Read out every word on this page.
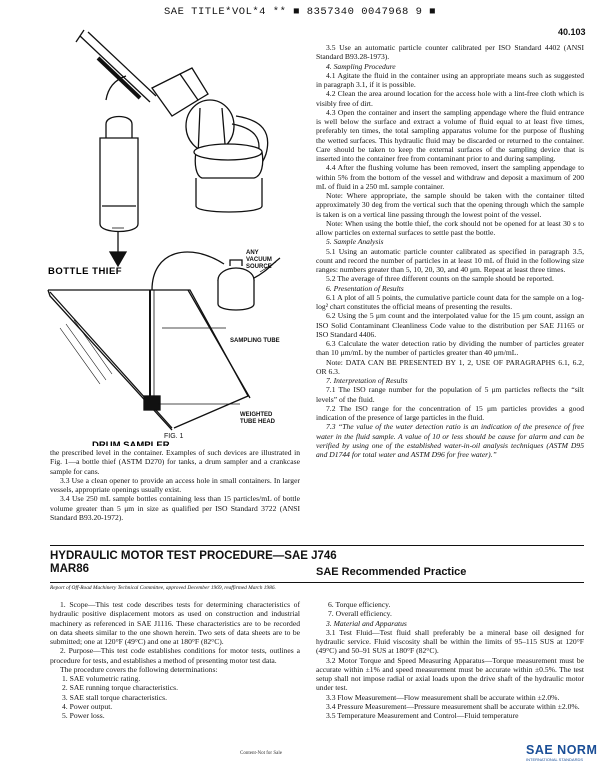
SAE TITLE*VOL*4 ** ■ 8357340 0047968 9 ■
40.103
BOTTLE THIEF
DRUM SAMPLER
ANY
VACUUM
SOURCE
SAMPLING TUBE
WEIGHTED
TUBE HEAD
FIG. 1

the prescribed level in the container. Examples of such devices are illustrated in Fig. 1—a bottle thief (ASTM D270) for tanks, a drum sampler and a crankcase sample for cans.

3.3 Use a clean opener to provide an access hole in small containers. In larger vessels, appropriate openings usually exist.

3.4 Use 250 mL sample bottles containing less than 15 particles/mL of bottle volume greater than 5 μm in size as qualified per ISO Standard 3722 (ANSI Standard B93.20-1972).

3.5 Use an automatic particle counter calibrated per ISO Standard 4402 (ANSI Standard B93.28-1973).

4. Sampling Procedure

4.1 Agitate the fluid in the container using an appropriate means such as suggested in paragraph 3.1, if it is possible.

4.2 Clean the area around location for the access hole with a lint-free cloth which is visibly free of dirt.

4.3 Open the container and insert the sampling appendage where the fluid entrance is well below the surface and extract a volume of fluid equal to at least five times, preferably ten times, the total sampling apparatus volume for the purpose of flushing the wetted surfaces. This hydraulic fluid may be discarded or returned to the container. Care should be taken to keep the external surfaces of the sampling device that is inserted into the container free from contaminant prior to and during sampling.

4.4 After the flushing volume has been removed, insert the sampling appendage to within 5% from the bottom of the vessel and withdraw and deposit a maximum of 200 mL of fluid in a 250 mL sample container.

Note: Where appropriate, the sample should be taken with the container tilted approximately 30 deg from the vertical such that the opening through which the sample is taken is on a vertical line passing through the lowest point of the vessel.

Note: When using the bottle thief, the cork should not be opened for at least 30 s to allow particles on external surfaces to settle past the bottle.

5. Sample Analysis

5.1 Using an automatic particle counter calibrated as specified in paragraph 3.5, count and record the number of particles in at least 10 mL of fluid in the following size ranges: numbers greater than 5, 10, 20, 30, and 40 μm. Repeat at least three times.

5.2 The average of three different counts on the sample should be reported.

6. Presentation of Results

6.1 A plot of all 5 points, the cumulative particle count data for the sample on a log-log² chart constitutes the official means of presenting the results.

6.2 Using the 5 μm count and the interpolated value for the 15 μm count, assign an ISO Solid Contaminant Cleanliness Code value to the distribution per SAE J1165 or ISO Standard 4406.

6.3 Calculate the water detection ratio by dividing the number of particles greater than 10 μm/mL by the number of particles greater than 40 μm/mL.

Note: DATA CAN BE PRESENTED BY 1, 2, USE OF PARAGRAPHS 6.1, 6.2, OR 6.3.

7. Interpretation of Results

7.1 The ISO range number for the population of 5 μm particles reflects the “silt levels” of the fluid.

7.2 The ISO range for the concentration of 15 μm particles provides a good indication of the presence of large particles in the fluid.

7.3 “The value of the water detection ratio is an indication of the presence of free water in the fluid sample. A value of 10 or less should be cause for alarm and can be verified by using one of the established water-in-oil analysis techniques (ASTM D95 and D1744 for total water and ASTM D96 for free water).”

HYDRAULIC MOTOR TEST PROCEDURE—SAE J746
MAR86	SAE Recommended Practice
Report of Off-Road Machinery Technical Committee, approved December 1969, reaffirmed March 1986.

1. Scope—This test code describes tests for determining characteristics of hydraulic positive displacement motors as used on construction and industrial machinery as referenced in SAE J1116. These characteristics are to be recorded on data sheets similar to the one shown herein. Two sets of data sheets are to be submitted; one at 120°F (49°C) and one at 180°F (82°C).

2. Purpose—This test code establishes conditions for motor tests, outlines a procedure for tests, and establishes a method of presenting motor test data.

The procedure covers the following determinations:

1. SAE volumetric rating.

2. SAE running torque characteristics.

3. SAE stall torque characteristics.

4. Power output.

5. Power loss.

6. Torque efficiency.

7. Overall efficiency.

3. Material and Apparatus

3.1 Test Fluid—Test fluid shall preferably be a mineral base oil designed for hydraulic service. Fluid viscosity shall be within the limits of 95–115 SUS at 120°F (49°C) and 50–91 SUS at 180°F (82°C).

3.2 Motor Torque and Speed Measuring Apparatus—Torque measurement must be accurate within ±1% and speed measurement must be accurate within ±0.5%. The test setup shall not impose radial or axial loads upon the drive shaft of the hydraulic motor under test.

3.3 Flow Measurement—Flow measurement shall be accurate within ±2.0%.

3.4 Pressure Measurement—Pressure measurement shall be accurate within ±2.0%.

3.5 Temperature Measurement and Control—Fluid temperature

Content-Not for Sale	SAE NORM
INTERNATIONAL STANDARDS
